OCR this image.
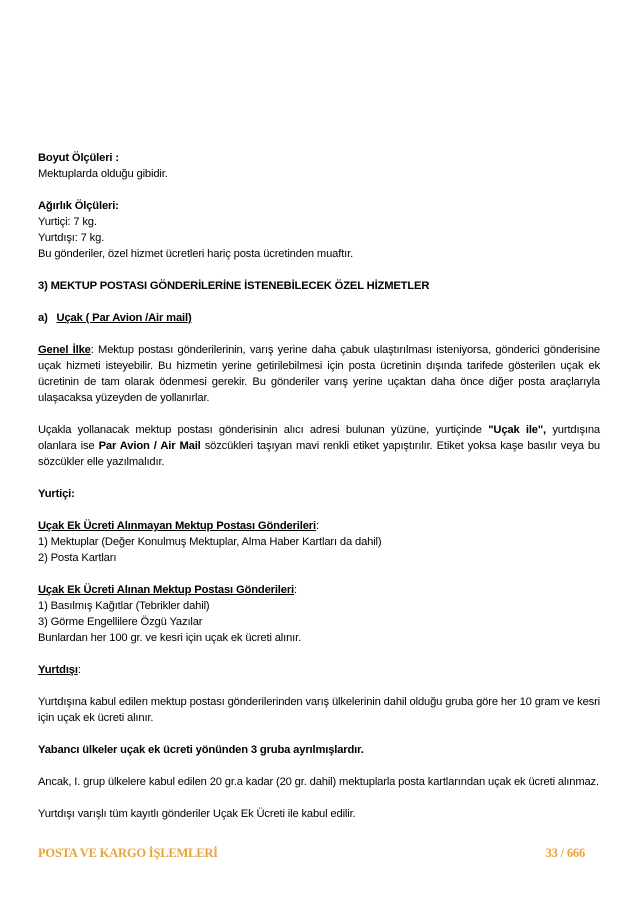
Boyut Ölçüleri :

Mektuplarda olduğu gibidir.

Ağırlık Ölçüleri:

Yurtiçi: 7 kg.

Yurtdışı: 7 kg.

Bu gönderiler, özel hizmet ücretleri hariç posta ücretinden muaftır.

3) MEKTUP POSTASI GÖNDERİLERİNE İSTENEBİLECEK ÖZEL HİZMETLER

a) Uçak ( Par Avion /Air mail)

Genel İlke: Mektup postası gönderilerinin, varış yerine daha çabuk ulaştırılması isteniyorsa, gönderici gönderisine uçak hizmeti isteyebilir. Bu hizmetin yerine getirilebilmesi için posta ücretinin dışında tarifede gösterilen uçak ek ücretinin de tam olarak ödenmesi gerekir. Bu gönderiler varış yerine uçaktan daha önce diğer posta araçlarıyla ulaşacaksa yüzeyden de yollanırlar.

Uçakla yollanacak mektup postası gönderisinin alıcı adresi bulunan yüzüne, yurtiçinde "Uçak ile", yurtdışına olanlara ise Par Avion / Air Mail sözcükleri taşıyan mavi renkli etiket yapıştırılır. Etiket yoksa kaşe basılır veya bu sözcükler elle yazılmalıdır.

Yurtiçi:

Uçak Ek Ücreti Alınmayan Mektup Postası Gönderileri:

1) Mektuplar (Değer Konulmuş Mektuplar, Alma Haber Kartları da dahil)

2) Posta Kartları

Uçak Ek Ücreti Alınan Mektup Postası Gönderileri:

1) Basılmış Kağıtlar (Tebrikler dahil)

3) Görme Engellilere Özgü Yazılar

Bunlardan her 100 gr. ve kesri için uçak ek ücreti alınır.

Yurtdışı:

Yurtdışına kabul edilen mektup postası gönderilerinden varış ülkelerinin dahil olduğu gruba göre her 10 gram ve kesri için uçak ek ücreti alınır.

Yabancı ülkeler uçak ek ücreti yönünden 3 gruba ayrılmışlardır.

Ancak, I. grup ülkelere kabul edilen 20 gr.a kadar (20 gr. dahil) mektuplarla posta kartlarından uçak ek ücreti alınmaz.

Yurtdışı varışlı tüm kayıtlı gönderiler Uçak Ek Ücreti ile kabul edilir.

POSTA VE KARGO İŞLEMLERİ	33 / 666
